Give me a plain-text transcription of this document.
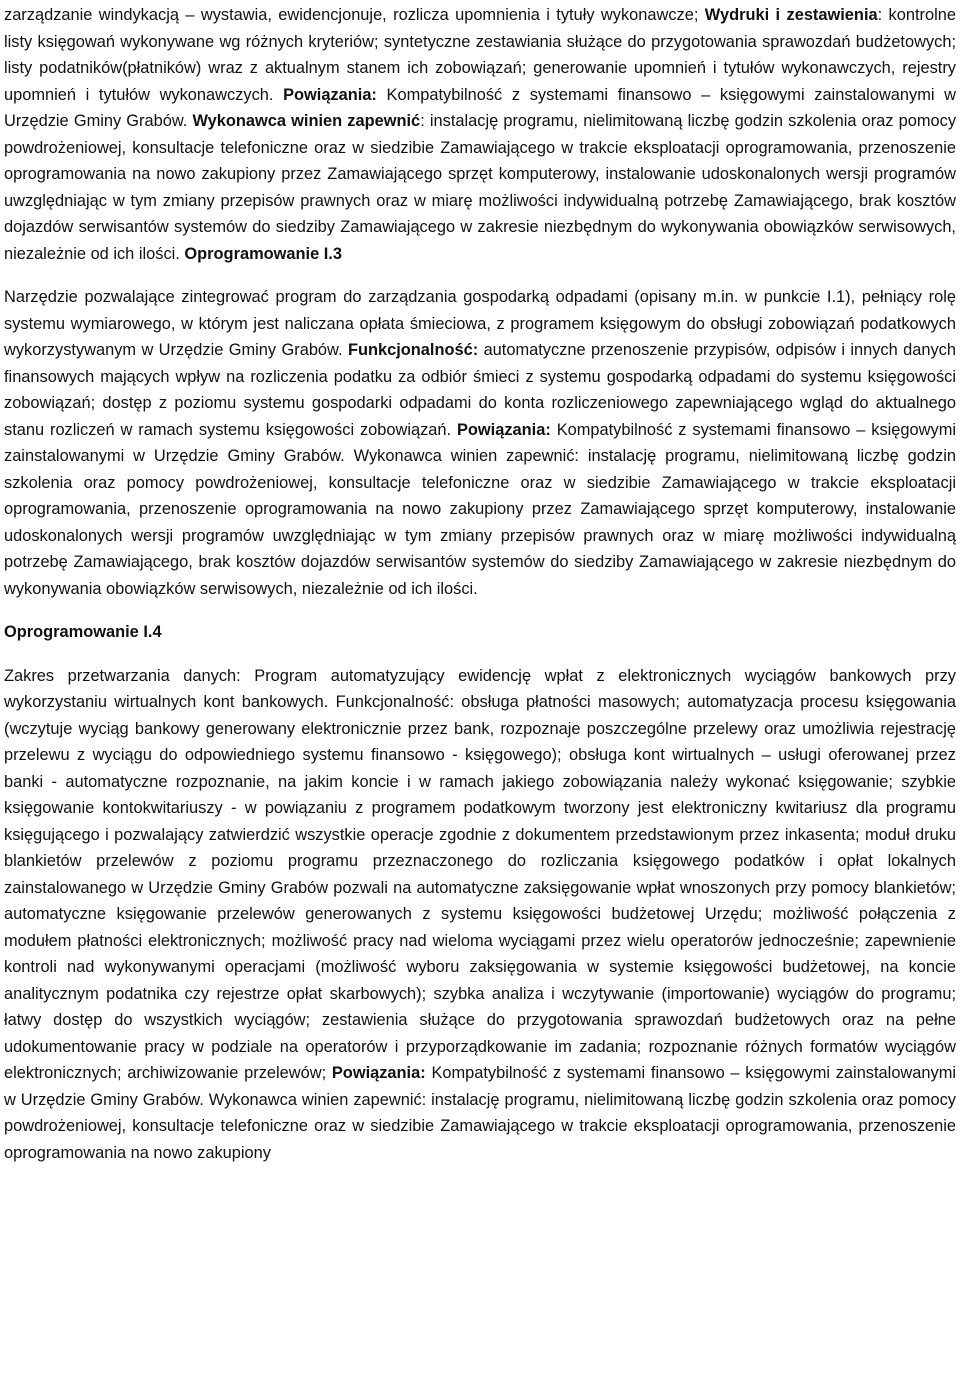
zarządzanie windykacją – wystawia, ewidencjonuje, rozlicza upomnienia i tytuły wykonawcze; Wydruki i zestawienia: kontrolne listy księgowań wykonywane wg różnych kryteriów; syntetyczne zestawiania służące do przygotowania sprawozdań budżetowych; listy podatników(płatników) wraz z aktualnym stanem ich zobowiązań; generowanie upomnień i tytułów wykonawczych, rejestry upomnień i tytułów wykonawczych. Powiązania: Kompatybilność z systemami finansowo – księgowymi zainstalowanymi w Urzędzie Gminy Grabów. Wykonawca winien zapewnić: instalację programu, nielimitowaną liczbę godzin szkolenia oraz pomocy powdrożeniowej, konsultacje telefoniczne oraz w siedzibie Zamawiającego w trakcie eksploatacji oprogramowania, przenoszenie oprogramowania na nowo zakupiony przez Zamawiającego sprzęt komputerowy, instalowanie udoskonalonych wersji programów uwzględniając w tym zmiany przepisów prawnych oraz w miarę możliwości indywidualną potrzebę Zamawiającego, brak kosztów dojazdów serwisantów systemów do siedziby Zamawiającego w zakresie niezbędnym do wykonywania obowiązków serwisowych, niezależnie od ich ilości. Oprogramowanie I.3

Narzędzie pozwalające zintegrować program do zarządzania gospodarką odpadami (opisany m.in. w punkcie I.1), pełniący rolę systemu wymiarowego, w którym jest naliczana opłata śmieciowa, z programem księgowym do obsługi zobowiązań podatkowych wykorzystywanym w Urzędzie Gminy Grabów. Funkcjonalność: automatyczne przenoszenie przypisów, odpisów i innych danych finansowych mających wpływ na rozliczenia podatku za odbiór śmieci z systemu gospodarką odpadami do systemu księgowości zobowiązań; dostęp z poziomu systemu gospodarki odpadami do konta rozliczeniowego zapewniającego wgląd do aktualnego stanu rozliczeń w ramach systemu księgowości zobowiązań. Powiązania: Kompatybilność z systemami finansowo – księgowymi zainstalowanymi w Urzędzie Gminy Grabów. Wykonawca winien zapewnić: instalację programu, nielimitowaną liczbę godzin szkolenia oraz pomocy powdrożeniowej, konsultacje telefoniczne oraz w siedzibie Zamawiającego w trakcie eksploatacji oprogramowania, przenoszenie oprogramowania na nowo zakupiony przez Zamawiającego sprzęt komputerowy, instalowanie udoskonalonych wersji programów uwzględniając w tym zmiany przepisów prawnych oraz w miarę możliwości indywidualną potrzebę Zamawiającego, brak kosztów dojazdów serwisantów systemów do siedziby Zamawiającego w zakresie niezbędnym do wykonywania obowiązków serwisowych, niezależnie od ich ilości.

Oprogramowanie I.4

Zakres przetwarzania danych: Program automatyzujący ewidencję wpłat z elektronicznych wyciągów bankowych przy wykorzystaniu wirtualnych kont bankowych. Funkcjonalność: obsługa płatności masowych; automatyzacja procesu księgowania (wczytuje wyciąg bankowy generowany elektronicznie przez bank, rozpoznaje poszczególne przelewy oraz umożliwia rejestrację przelewu z wyciągu do odpowiedniego systemu finansowo - księgowego); obsługa kont wirtualnych – usługi oferowanej przez banki - automatyczne rozpoznanie, na jakim koncie i w ramach jakiego zobowiązania należy wykonać księgowanie; szybkie księgowanie kontokwitariuszy - w powiązaniu z programem podatkowym tworzony jest elektroniczny kwitariusz dla programu księgującego i pozwalający zatwierdzić wszystkie operacje zgodnie z dokumentem przedstawionym przez inkasenta; moduł druku blankietów przelewów z poziomu programu przeznaczonego do rozliczania księgowego podatków i opłat lokalnych zainstalowanego w Urzędzie Gminy Grabów pozwali na automatyczne zaksięgowanie wpłat wnoszonych przy pomocy blankietów; automatyczne księgowanie przelewów generowanych z systemu księgowości budżetowej Urzędu; możliwość połączenia z modułem płatności elektronicznych; możliwość pracy nad wieloma wyciągami przez wielu operatorów jednocześnie; zapewnienie kontroli nad wykonywanymi operacjami (możliwość wyboru zaksięgowania w systemie księgowości budżetowej, na koncie analitycznym podatnika czy rejestrze opłat skarbowych); szybka analiza i wczytywanie (importowanie) wyciągów do programu; łatwy dostęp do wszystkich wyciągów; zestawienia służące do przygotowania sprawozdań budżetowych oraz na pełne udokumentowanie pracy w podziale na operatorów i przyporządkowanie im zadania; rozpoznanie różnych formatów wyciągów elektronicznych; archiwizowanie przelewów; Powiązania: Kompatybilność z systemami finansowo – księgowymi zainstalowanymi w Urzędzie Gminy Grabów. Wykonawca winien zapewnić: instalację programu, nielimitowaną liczbę godzin szkolenia oraz pomocy powdrożeniowej, konsultacje telefoniczne oraz w siedzibie Zamawiającego w trakcie eksploatacji oprogramowania, przenoszenie oprogramowania na nowo zakupiony
